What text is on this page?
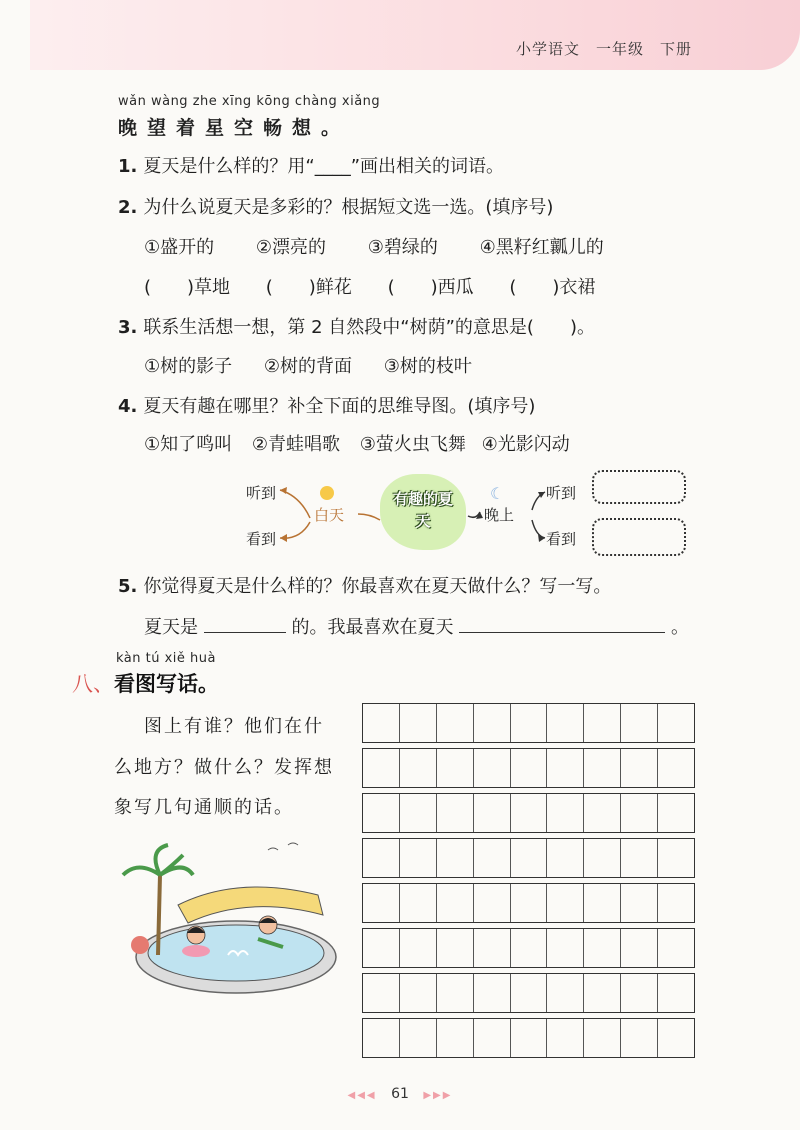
小学语文　一年级　下册
wǎn wàng zhe xīng kōng chàng xiǎng
晚望着星空畅想。
1. 夏天是什么样的？用“____”画出相关的词语。
2. 为什么说夏天是多彩的？根据短文选一选。(填序号)
①盛开的 ②漂亮的 ③碧绿的 ④黑籽红瓤儿的
(　　)草地 (　　)鲜花 (　　)西瓜 (　　)衣裙
3. 联系生活想一想，第 2 自然段中“树荫”的意思是(　　)。
①树的影子 ②树的背面 ③树的枝叶
4. 夏天有趣在哪里？补全下面的思维导图。(填序号)
①知了鸣叫 ②青蛙唱歌 ③萤火虫飞舞 ④光影闪动
听到
看到
白天
有趣的夏天
☾
晚上
听到
看到
5. 你觉得夏天是什么样的？你最喜欢在夏天做什么？写一写。
夏天是	的。我最喜欢在夏天	。
kàn tú xiě huà
八、看图写话。
图上有谁？他们在什
么地方？做什么？发挥想
象写几句通顺的话。
◀◀◀ 61 ▶▶▶
